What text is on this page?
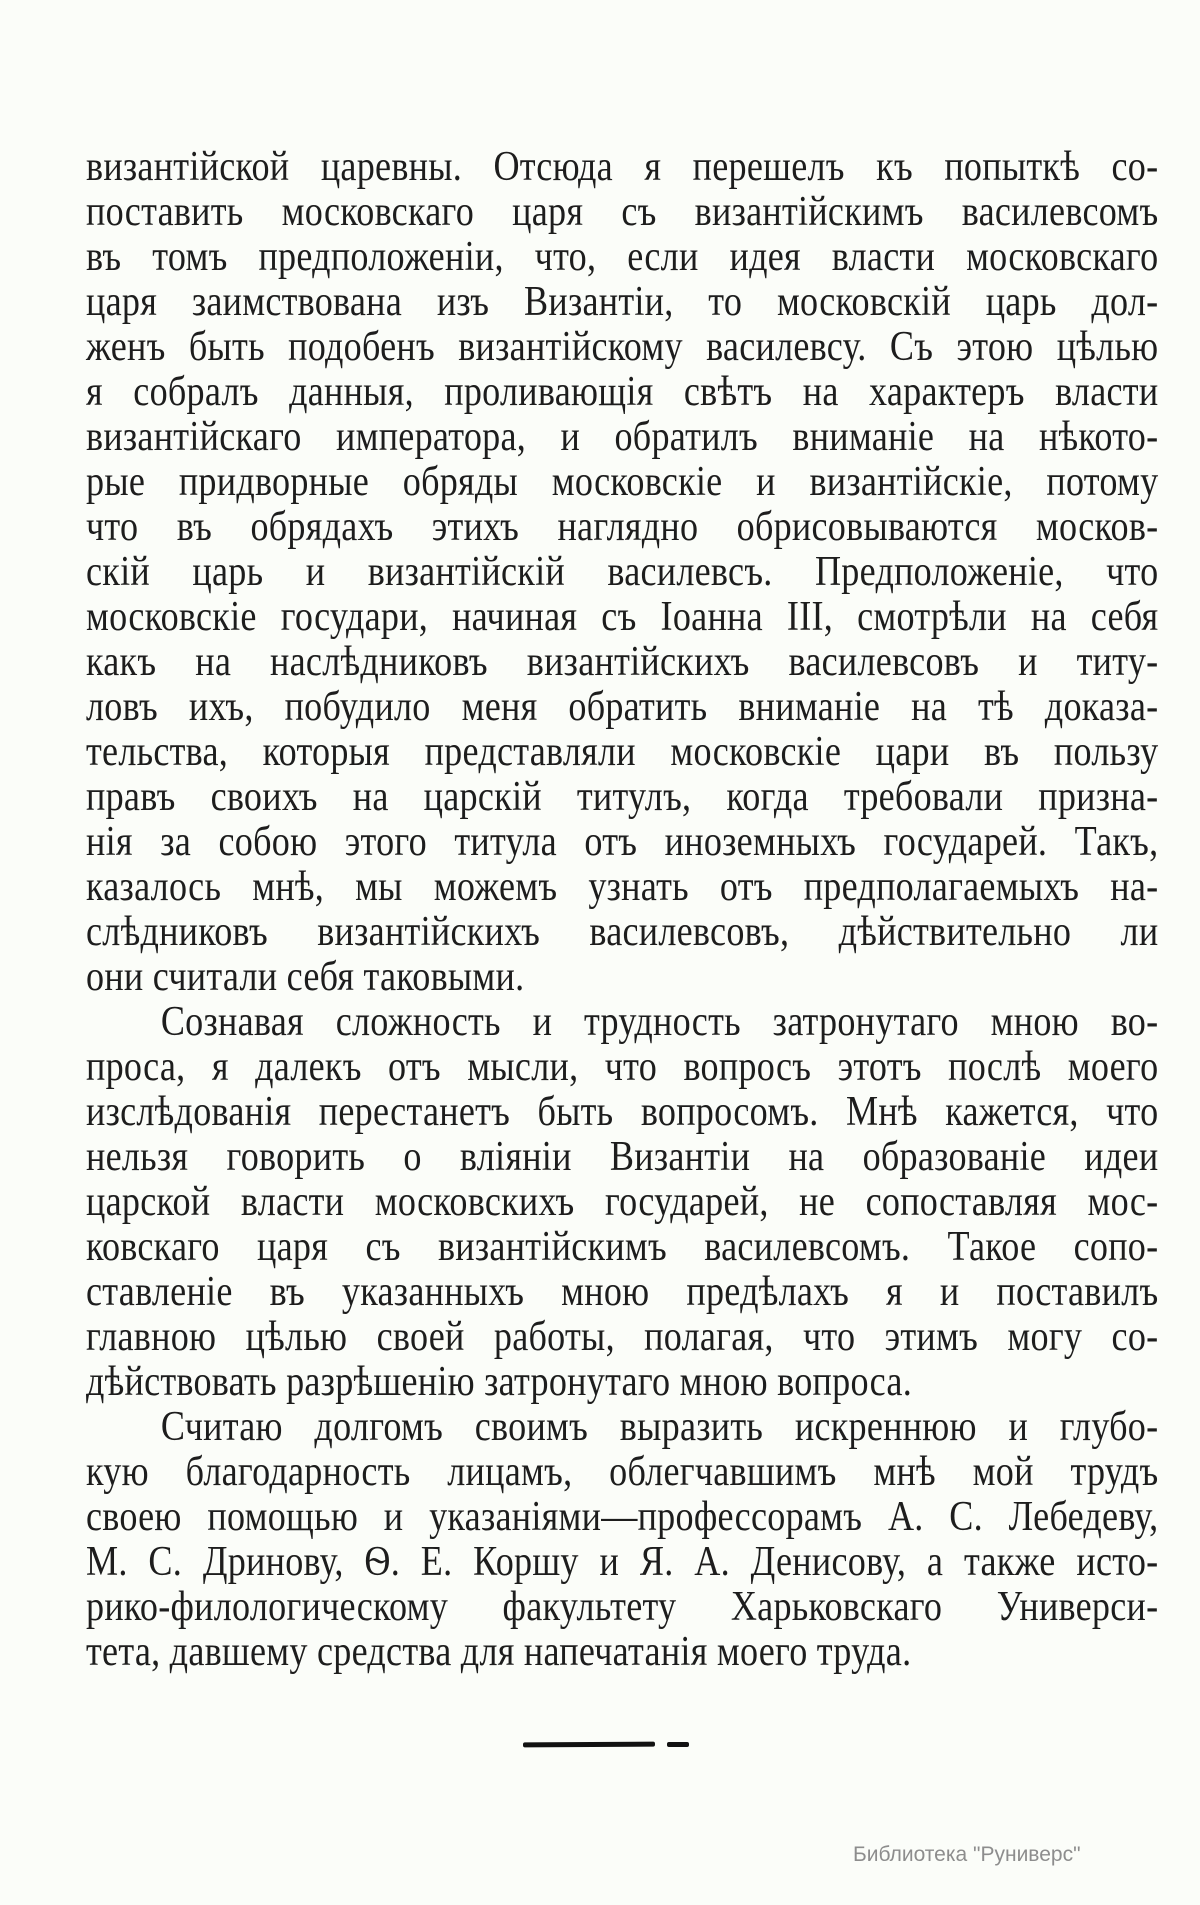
византійской царевны. Отсюда я перешелъ къ попыткѣ со-
поставить московскаго царя съ византійскимъ василевсомъ
въ томъ предположеніи, что, если идея власти московскаго
царя заимствована изъ Византіи, то московскій царь дол-
женъ быть подобенъ византійскому василевсу. Съ этою цѣлью
я собралъ данныя, проливающія свѣтъ на характеръ власти
византійскаго императора, и обратилъ вниманіе на нѣкото-
рые придворные обряды московскіе и византійскіе, потому
что въ обрядахъ этихъ наглядно обрисовываются москов-
скій царь и византійскій василевсъ. Предположеніе, что
московскіе государи, начиная съ Іоанна III, смотрѣли на себя
какъ на наслѣдниковъ византійскихъ василевсовъ и титу-
ловъ ихъ, побудило меня обратить вниманіе на тѣ доказа-
тельства, которыя представляли московскіе цари въ пользу
правъ своихъ на царскій титулъ, когда требовали призна-
нія за собою этого титула отъ иноземныхъ государей. Такъ,
казалось мнѣ, мы можемъ узнать отъ предполагаемыхъ на-
слѣдниковъ византійскихъ василевсовъ, дѣйствительно ли
они считали себя таковыми.
Сознавая сложность и трудность затронутаго мною во-
проса, я далекъ отъ мысли, что вопросъ этотъ послѣ моего
изслѣдованія перестанетъ быть вопросомъ. Мнѣ кажется, что
нельзя говорить о вліяніи Византіи на образованіе идеи
царской власти московскихъ государей, не сопоставляя мос-
ковскаго царя съ византійскимъ василевсомъ. Такое сопо-
ставленіе въ указанныхъ мною предѣлахъ я и поставилъ
главною цѣлью своей работы, полагая, что этимъ могу со-
дѣйствовать разрѣшенію затронутаго мною вопроса.
Считаю долгомъ своимъ выразить искреннюю и глубо-
кую благодарность лицамъ, облегчавшимъ мнѣ мой трудъ
своею помощью и указаніями—профессорамъ А. С. Лебедеву,
М. С. Дринову, Ѳ. Е. Коршу и Я. А. Денисову, а также исто-
рико-филологическому факультету Харьковскаго Универси-
тета, давшему средства для напечатанія моего труда.
Библиотека "Руниверс"
